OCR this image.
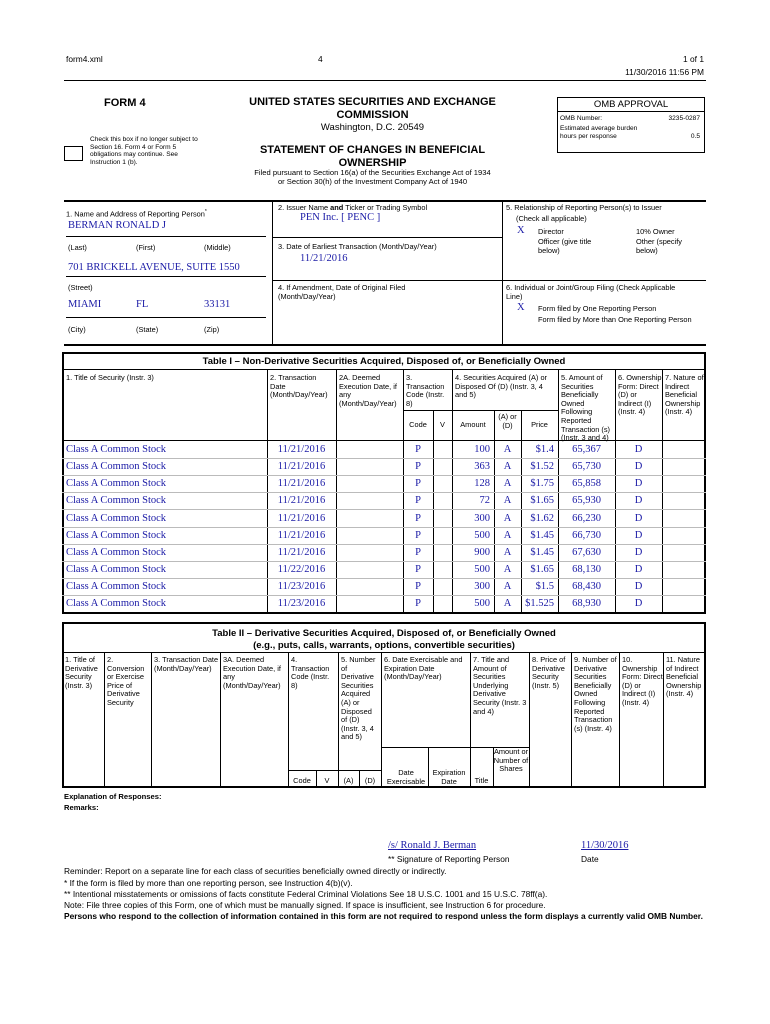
form4.xml	4	1 of 1
11/30/2016 11:56 PM
FORM 4	UNITED STATES SECURITIES AND EXCHANGE
COMMISSION
Washington, D.C. 20549
Check this box if no longer subject to Section 16. Form 4 or Form 5 obligations may continue. See Instruction 1 (b).
STATEMENT OF CHANGES IN BENEFICIAL
OWNERSHIP
Filed pursuant to Section 16(a) of the Securities Exchange Act of 1934
or Section 30(h) of the Investment Company Act of 1940
OMB APPROVAL
OMB Number:	3235-0287
Estimated average burden hours per response	0.5
1. Name and Address of Reporting Person*
BERMAN RONALD J
(Last)	(First)	(Middle)
701 BRICKELL AVENUE, SUITE 1550
(Street)
MIAMI	FL	33131
(City)	(State)	(Zip)
2. Issuer Name and Ticker or Trading Symbol
PEN Inc. [ PENC ]
3. Date of Earliest Transaction (Month/Day/Year)
11/21/2016
4. If Amendment, Date of Original Filed (Month/Day/Year)
5. Relationship of Reporting Person(s) to Issuer
(Check all applicable)
X Director	10% Owner
Officer (give title below)
Other (specify below)
6. Individual or Joint/Group Filing (Check Applicable Line)
X Form filed by One Reporting Person
Form filed by More than One Reporting Person
Table I – Non-Derivative Securities Acquired, Disposed of, or Beneficially Owned
1. Title of Security (Instr. 3)	2. Transaction Date (Month/Day/Year)
2A. Deemed Execution Date, if any (Month/Day/Year)
3. Transaction Code (Instr. 8)
4. Securities Acquired (A) or Disposed Of (D) (Instr. 3, 4 and 5)
5. Amount of Securities Beneficially Owned Following Reported Transaction (s) (Instr. 3 and 4)
6. Ownership Form: Direct (D) or Indirect (I) (Instr. 4)
7. Nature of Indirect Beneficial Ownership (Instr. 4)
Code	V	Amount
(A) or (D)	Price
Class A Common Stock	11/21/2016	P	100	A	$1.4	65,367	D
Class A Common Stock	11/21/2016	P	363	A	$1.52	65,730	D
Class A Common Stock	11/21/2016	P	128	A	$1.75	65,858	D
Class A Common Stock	11/21/2016	P	72	A	$1.65	65,930	D
Class A Common Stock	11/21/2016	P	300	A	$1.62	66,230	D
Class A Common Stock	11/21/2016	P	500	A	$1.45	66,730	D
Class A Common Stock	11/21/2016	P	900	A	$1.45	67,630	D
Class A Common Stock	11/22/2016	P	500	A	$1.65	68,130	D
Class A Common Stock	11/23/2016	P	300	A	$1.5	68,430	D
Class A Common Stock	11/23/2016	P	500	A	$1.525	68,930	D
Table II – Derivative Securities Acquired, Disposed of, or Beneficially Owned
(e.g., puts, calls, warrants, options, convertible securities)
1. Title of Derivative Security (Instr. 3)
2. Conversion or Exercise Price of Derivative Security
3. Transaction Date (Month/Day/Year)
3A. Deemed Execution Date, if any (Month/Day/Year)
4. Transaction Code (Instr. 8)
5. Number of Derivative Securities Acquired (A) or Disposed of (D) (Instr. 3, 4 and 5)
6. Date Exercisable and Expiration Date (Month/Day/Year)
7. Title and Amount of Securities Underlying Derivative Security (Instr. 3 and 4)
8. Price of Derivative Security (Instr. 5)
9. Number of Derivative Securities Beneficially Owned Following Reported Transaction (s) (Instr. 4)
10. Ownership Form: Direct (D) or Indirect (I) (Instr. 4)
11. Nature of Indirect Beneficial Ownership (Instr. 4)
Code	V	(A)	(D)
Date Exercisable
Expiration Date	Title
Amount or Number of Shares
Explanation of Responses:
Remarks:
/s/ Ronald J. Berman	11/30/2016
** Signature of Reporting Person	Date
Reminder: Report on a separate line for each class of securities beneficially owned directly or indirectly.
* If the form is filed by more than one reporting person, see Instruction 4(b)(v).
** Intentional misstatements or omissions of facts constitute Federal Criminal Violations See 18 U.S.C. 1001 and 15 U.S.C. 78ff(a).
Note: File three copies of this Form, one of which must be manually signed. If space is insufficient, see Instruction 6 for procedure.
Persons who respond to the collection of information contained in this form are not required to respond unless the form displays a currently valid OMB Number.
